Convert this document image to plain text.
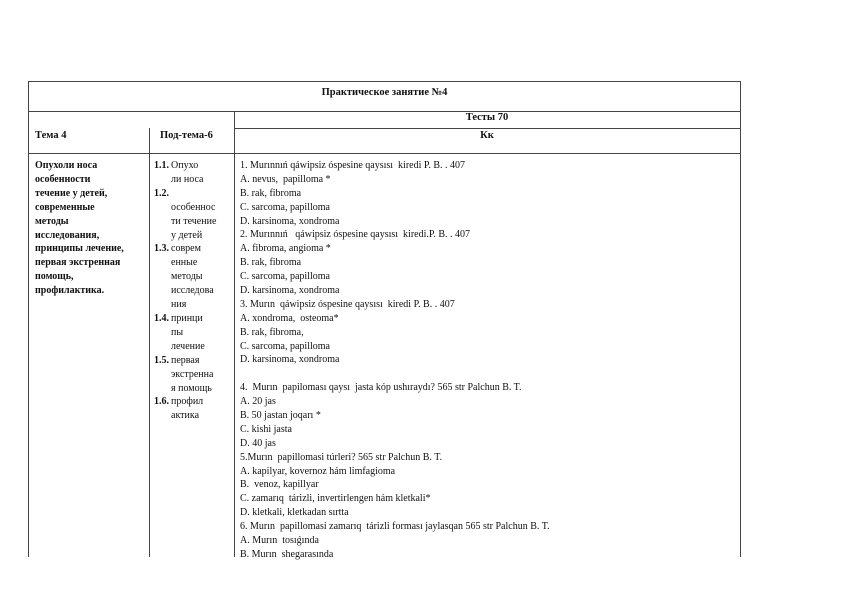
Практическое занятие №4
Тесты 70
Тема 4	Под-тема-6	Кк
Опухоли носа
особенности
течение у детей,
современные
методы
исследования,
принципы лечение,
первая экстренная
помощь,
профилактика.
1.1. Опухо
ли носа
1.2.
особеннос
ти течение
у детей
1.3. соврем
енные
методы
исследова
ния
1.4. принци
пы
лечение
1.5. первая
экстренна
я помощь
1.6. профил
актика
1. Murınnıń qáwipsiz óspesine qaysısı  kiredi P. B. . 407
A. nevus,  papilloma *
B. rak, fibroma
C. sarcoma, papilloma
D. karsinoma, xondroma
2. Murınnıń   qáwipsiz óspesine qaysısı  kiredi.P. B. . 407
A. fibroma, angioma *
B. rak, fibroma
C. sarcoma, papilloma
D. karsinoma, xondroma
3. Murın  qáwipsiz óspesine qaysısı  kiredi P. B. . 407
A. xondroma,  osteoma*
B. rak, fibroma,
C. sarcoma, papilloma
D. karsinoma, xondroma
4.  Murın  papiloması qaysı  jasta kóp ushıraydı? 565 str Palchun B. T.
A. 20 jas
B. 50 jastan joqarı *
C. kishi jasta
D. 40 jas
5.Murın  papillomasi túrleri? 565 str Palchun B. T.
A. kapilyar, kovernoz hám limfagioma
B.  venoz, kapillyar
C. zamarıq  tárizli, invertirlengen hám kletkali*
D. kletkali, kletkadan sırtta
6. Murın  papillomasi zamarıq  tárizli forması jaylasqan 565 str Palchun B. T.
A. Murın  tosıǵında
B. Murın  shegarasında
